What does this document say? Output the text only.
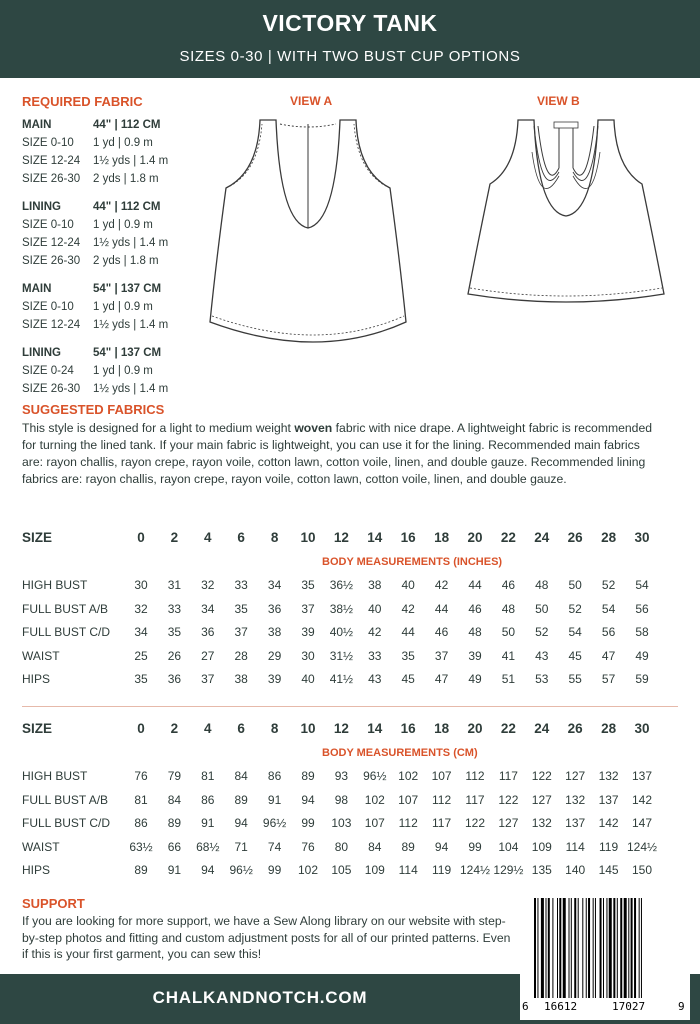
VICTORY TANK
SIZES 0-30 | WITH TWO BUST CUP OPTIONS
REQUIRED FABRIC
MAIN	44" | 112 CM
SIZE 0-10	1 yd | 0.9 m
SIZE 12-24	1½ yds | 1.4 m
SIZE 26-30	2 yds | 1.8 m
LINING	44" | 112 CM
SIZE 0-10	1 yd | 0.9 m
SIZE 12-24	1½ yds | 1.4 m
SIZE 26-30	2 yds | 1.8 m
MAIN	54" | 137 CM
SIZE 0-10	1 yd | 0.9 m
SIZE 12-24	1½ yds | 1.4 m
LINING	54" | 137 CM
SIZE 0-24	1 yd | 0.9 m
SIZE 26-30	1½ yds | 1.4 m
VIEW A	VIEW B
SUGGESTED FABRICS
This style is designed for a light to medium weight woven fabric with nice drape. A lightweight fabric is recommended for turning the lined tank. If your main fabric is lightweight, you can use it for the lining. Recommended main fabrics are: rayon challis, rayon crepe, rayon voile, cotton lawn, cotton voile, linen, and double gauze. Recommended lining fabrics are: rayon challis, rayon crepe, rayon voile, cotton lawn, cotton voile, linen, and double gauze.
SIZE	0	2	4	6	8	10	12	14	16	18	20	22	24	26	28	30
BODY MEASUREMENTS (INCHES)
HIGH BUST	30	31	32	33	34	35	36½	38	40	42	44	46	48	50	52	54
FULL BUST A/B	32	33	34	35	36	37	38½	40	42	44	46	48	50	52	54	56
FULL BUST C/D	34	35	36	37	38	39	40½	42	44	46	48	50	52	54	56	58
WAIST	25	26	27	28	29	30	31½	33	35	37	39	41	43	45	47	49
HIPS	35	36	37	38	39	40	41½	43	45	47	49	51	53	55	57	59
SIZE	0	2	4	6	8	10	12	14	16	18	20	22	24	26	28	30
BODY MEASUREMENTS (CM)
HIGH BUST	76	79	81	84	86	89	93	96½ 102	107	112	117	122	127	132	137
FULL BUST A/B	81	84	86	89	91	94	98	102	107	112	117	122	127	132	137	142
FULL BUST C/D	86	89	91	94	96½	99	103	107	112	117	122	127	132	137	142	147
WAIST	63½	66	68½	71	74	76	80	84	89	94	99	104	109	114	119 124½
HIPS	89	91	94	96½	99	102	105	109	114	119 124½ 129½ 135	140	145	150
SUPPORT
If you are looking for more support, we have a Sew Along library on our website with step-by-step photos and fitting and custom adjustment posts for all of our printed patterns. Even if this is your first garment, you can sew this!
CHALKANDNOTCH.COM	6 16612	17027	9
